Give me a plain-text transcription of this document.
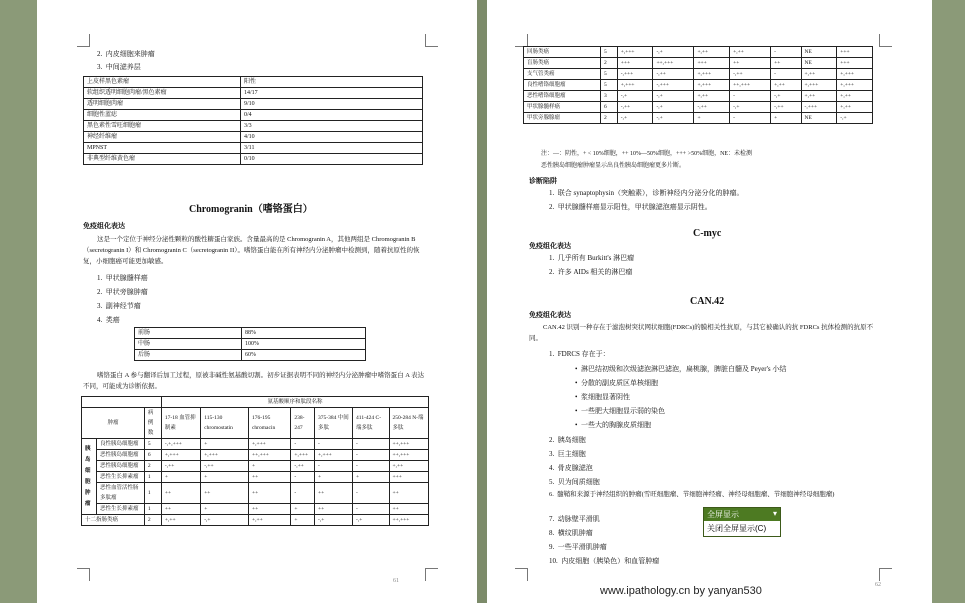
2. 内皮细胞来肿瘤
3. 中间滤养层
上皮样黑色素瘤	阳性
软组织透明细胞肉瘤/黑色素瘤	14/17
透明细胞肉瘤	9/10
细胞性蓝痣	0/4
黑色素性雪旺细胞瘤	3/3
神经纤维瘤	4/10
MPNST	3/11
非典型纤维黄色瘤	0/10
Chromogranin（嗜铬蛋白）
免疫组化表达
这是一个定位于神经分泌性颗粒的酸性糖蛋白家族。含量最高的是 Chromogranin A，其他两组是 Chromogranin B（secretogranin I）和 Chromogranin C（secretogranin II）。嗜铬蛋白能在所有神经内分泌肿瘤中检测到，随着抗原性的恢复，小细胞癌可能更加敏感。
1. 甲状腺髓样癌
2. 甲状旁腺肿瘤
3. 副神经节瘤
4. 类癌
前肠	88%
中肠	100%
后肠	60%
嗜铬蛋白 A 参与翻译后加工过程，原被非碱性氨基酸切割。初步证据表明不同的神经内分泌肿瘤中嗜铬蛋白 A 表达不同，可能成为诊断依据。
			氨基酸顺序和肽段名称						
肿瘤		病例数	17-18 血管抑制素	115-130 chromostatin	176-195 chromacin	238-247	375-384 中间多肽	411-424 C-端多肽	250-284 N-端多肽
胰岛细胞肿瘤	良性胰岛细胞瘤	5	-,+,+++	+	+,+++	-	-	-	++,+++
	恶性胰岛细胞瘤	6	+,+++	+,+++	++,+++	+,+++	+,+++	-	++,+++
	恶性胰岛细胞瘤	2	-,++	-,++	+	-,++	-	-	+,++
	恶性生长抑素瘤	1	+	+	++	-	+	+	+++
	恶性血管活性肠多肽瘤	1	++	++	++	-	++	-	++
	恶性生长抑素瘤	1	++	+	++	+	++	-	++
十二指肠类癌		2	+,++	-,+	+,++	+	-,+	-,+	++,+++
61
回肠类癌	5	+,+++	-,+	+,++	+,++	-	NE	+++
盲肠类癌	2	+++	++,+++	+++	++	++	NE	+++
支气管类癌	5	-,+++	-,++	+,+++	-,++	-	+,++	+,+++
良性嗜铬细胞瘤	5	+,+++	-,+++	+,+++	++,+++	+,++	+,+++	+,+++
恶性嗜铬细胞瘤	3	-,+	-,+	+,++	-	-,+	+,++	+,++
甲状腺髓样癌	6	-,++	-,+	-,++	-,+	-,++	-,+++	+,++
甲状旁腺腺瘤	2	-,+	-,+	+	-	+	NE	-,+
注：—：阴性，+ < 10%细胞，++ 10%—50%细胞，+++ >50%细胞，NE：未检测
恶性胰岛细胞瘤肿瘤显示出良性胰岛细胞瘤更多片断。
诊断陷阱
1. 联合 synaptophysin（突触素），诊断神经内分泌分化的肿瘤。
2. 甲状腺髓样癌显示阳性，甲状腺滤泡癌显示阴性。
C-myc
免疫组化表达
1. 几乎所有 Burkitt's 淋巴瘤
2. 许多 AIDs 相关的淋巴瘤
CAN.42
免疫组化表达
CAN.42 识别一种存在于滤泡树突状网状细胞(FDRCs)的膜相关性抗原，与其它被确认的抗 FDRCs 抗体检测的抗原不同。
1.  FDRCS 存在于：
•  淋巴结初级和次级滤泡淋巴滤泡，扁桃腺，脾脏白髓及 Peyer's 小结
•  分散的副皮质区单核细胞
•  浆细胞显著阴性
•  一些肥大细胞显示弱的染色
•  一些大的胸腺皮质细胞
2. 胰岛细胞
3. 巨主细胞
4. 骨皮腺滤泡
5. 贝为间质细胞
6. 髓鞘和来源于神经组织的肿瘤(雪旺细胞瘤、节细胞神经瘤、神经母细胞瘤、节细胞神经母细胞瘤)
7. 动脉壁平滑肌
8. 横纹肌肿瘤
9. 一些平滑肌肿瘤
10. 内皮细胞（胰染色）和血管肿瘤
62
全屏显示	▾
关闭全屏显示(C)
www.ipathology.cn by yanyan530
